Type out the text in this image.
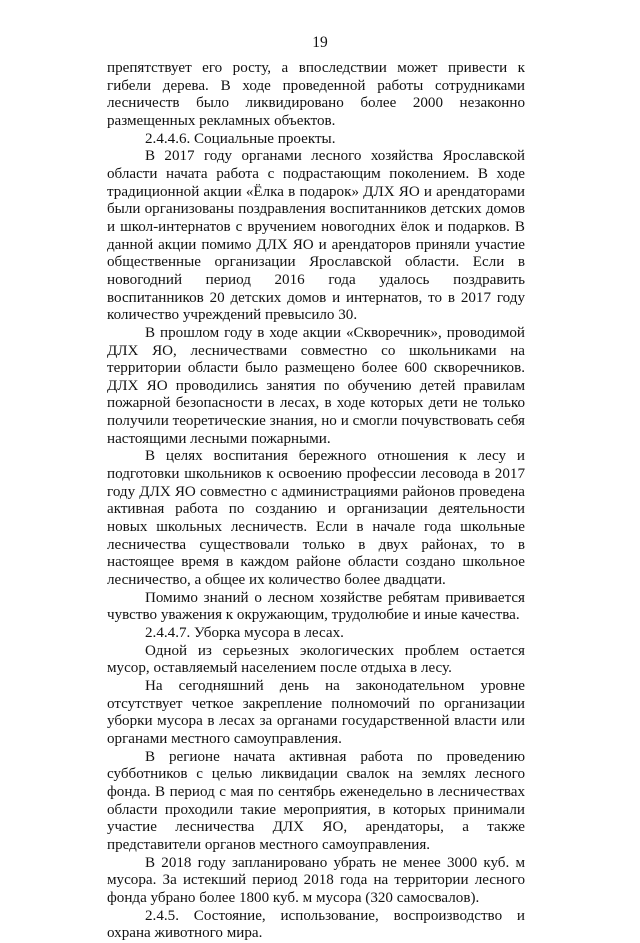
19

препятствует его росту, а впоследствии может привести к гибели дерева. В ходе проведенной работы сотрудниками лесничеств было ликвидировано более 2000 незаконно размещенных рекламных объектов.

2.4.4.6. Социальные проекты.

В 2017 году органами лесного хозяйства Ярославской области начата работа с подрастающим поколением. В ходе традиционной акции «Ёлка в подарок» ДЛХ ЯО и арендаторами были организованы поздравления воспитанников детских домов и школ-интернатов с вручением новогодних ёлок и подарков. В данной акции помимо ДЛХ ЯО и арендаторов приняли участие общественные организации Ярославской области. Если в новогодний период 2016 года удалось поздравить воспитанников 20 детских домов и интернатов, то в 2017 году количество учреждений превысило 30.

В прошлом году в ходе акции «Скворечник», проводимой ДЛХ ЯО, лесничествами совместно со школьниками на территории области было размещено более 600 скворечников. ДЛХ ЯО проводились занятия по обучению детей правилам пожарной безопасности в лесах, в ходе которых дети не только получили теоретические знания, но и смогли почувствовать себя настоящими лесными пожарными.

В целях воспитания бережного отношения к лесу и подготовки школьников к освоению профессии лесовода в 2017 году ДЛХ ЯО совместно с администрациями районов проведена активная работа по созданию и организации деятельности новых школьных лесничеств. Если в начале года школьные лесничества существовали только в двух районах, то в настоящее время в каждом районе области создано школьное лесничество, а общее их количество более двадцати.

Помимо знаний о лесном хозяйстве ребятам прививается чувство уважения к окружающим, трудолюбие и иные качества.

2.4.4.7. Уборка мусора в лесах.

Одной из серьезных экологических проблем остается мусор, оставляемый населением после отдыха в лесу.

На сегодняшний день на законодательном уровне отсутствует четкое закрепление полномочий по организации уборки мусора в лесах за органами государственной власти или органами местного самоуправления.

В регионе начата активная работа по проведению субботников с целью ликвидации свалок на землях лесного фонда. В период с мая по сентябрь еженедельно в лесничествах области проходили такие мероприятия, в которых принимали участие лесничества ДЛХ ЯО, арендаторы, а также представители органов местного самоуправления.

В 2018 году запланировано убрать не менее 3000 куб. м мусора. За истекший период 2018 года на территории лесного фонда убрано более 1800 куб. м мусора (320 самосвалов).

2.4.5. Состояние, использование, воспроизводство и охрана животного мира.
